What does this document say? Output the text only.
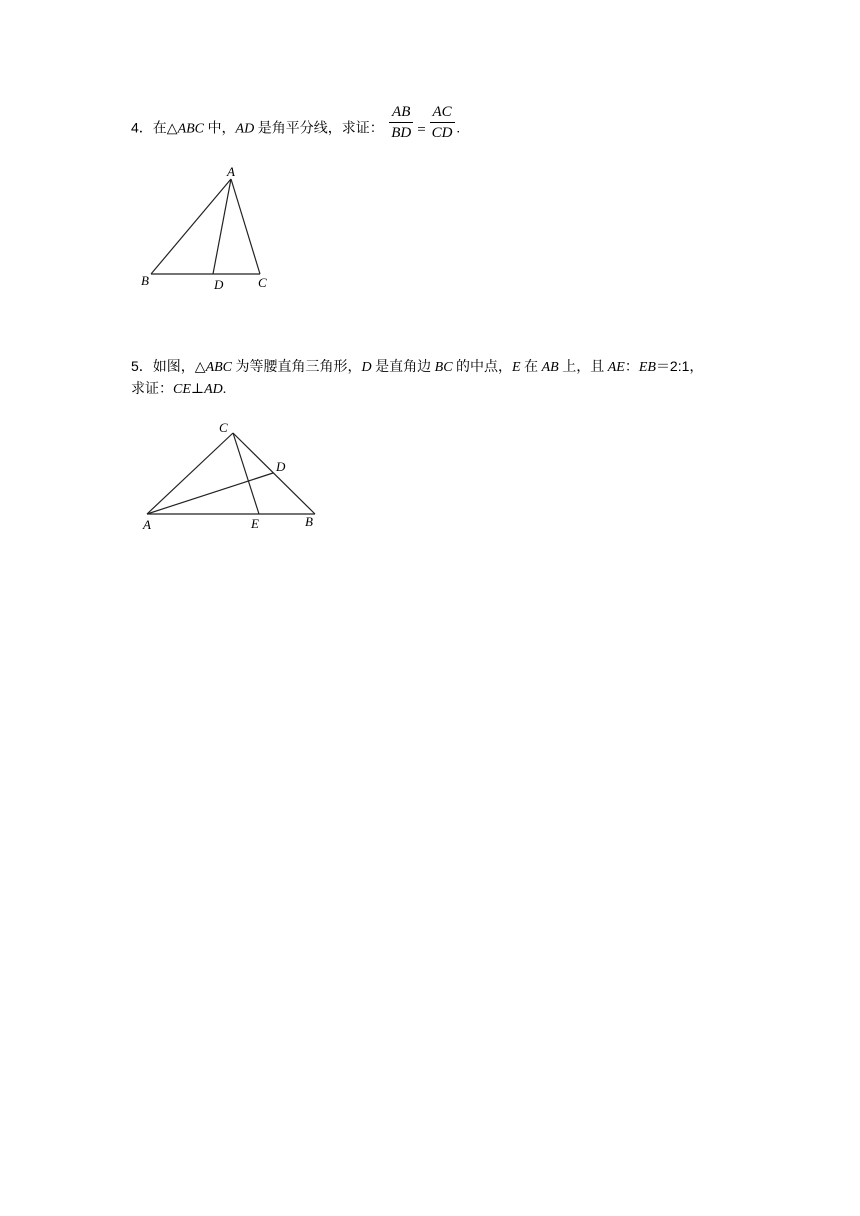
4．在△ABC 中，AD 是角平分线，求证： $\frac{AB}{BD} = \frac{AC}{CD}$ .
A
B	D	C
5．如图，△ABC 为等腰直角三角形，D 是直角边 BC 的中点，E 在 AB 上，且 AE：EB＝2:1，
求证：CE⊥AD.
C
D
A	E	B
